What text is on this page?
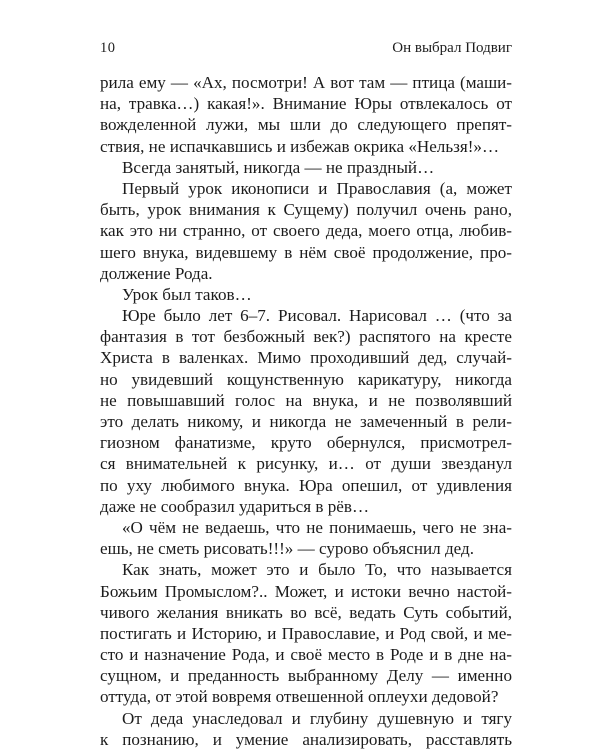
10	Он выбрал Подвиг
рила ему — «Ах, посмотри! А вот там — птица (маши-
на, травка…) какая!». Внимание Юры отвлекалось от
вожделенной лужи, мы шли до следующего препят-
ствия, не испачкавшись и избежав окрика «Нельзя!»…
Всегда занятый, никогда — не праздный…
Первый урок иконописи и Православия (а, может
быть, урок внимания к Сущему) получил очень рано,
как это ни странно, от своего деда, моего отца, любив-
шего внука, видевшему в нём своё продолжение, про-
должение Рода.
Урок был таков…
Юре было лет 6–7. Рисовал. Нарисовал … (что за
фантазия в тот безбожный век?) распятого на кресте
Христа в валенках. Мимо проходивший дед, случай-
но увидевший кощунственную карикатуру, никогда
не повышавший голос на внука, и не позволявший
это делать никому, и никогда не замеченный в рели-
гиозном фанатизме, круто обернулся, присмотрел-
ся внимательней к рисунку, и… от души звезданул
по уху любимого внука. Юра опешил, от удивления
даже не сообразил удариться в рёв…
«О чём не ведаешь, что не понимаешь, чего не зна-
ешь, не сметь рисовать!!!» — сурово объяснил дед.
Как знать, может это и было То, что называется
Божьим Промыслом?.. Может, и истоки вечно настой-
чивого желания вникать во всё, ведать Суть событий,
постигать и Историю, и Православие, и Род свой, и ме-
сто и назначение Рода, и своё место в Роде и в дне на-
сущном, и преданность выбранному Делу — именно
оттуда, от этой вовремя отвешенной оплеухи дедовой?
От деда унаследовал и глубину душевную и тягу
к познанию, и умение анализировать, расставлять
